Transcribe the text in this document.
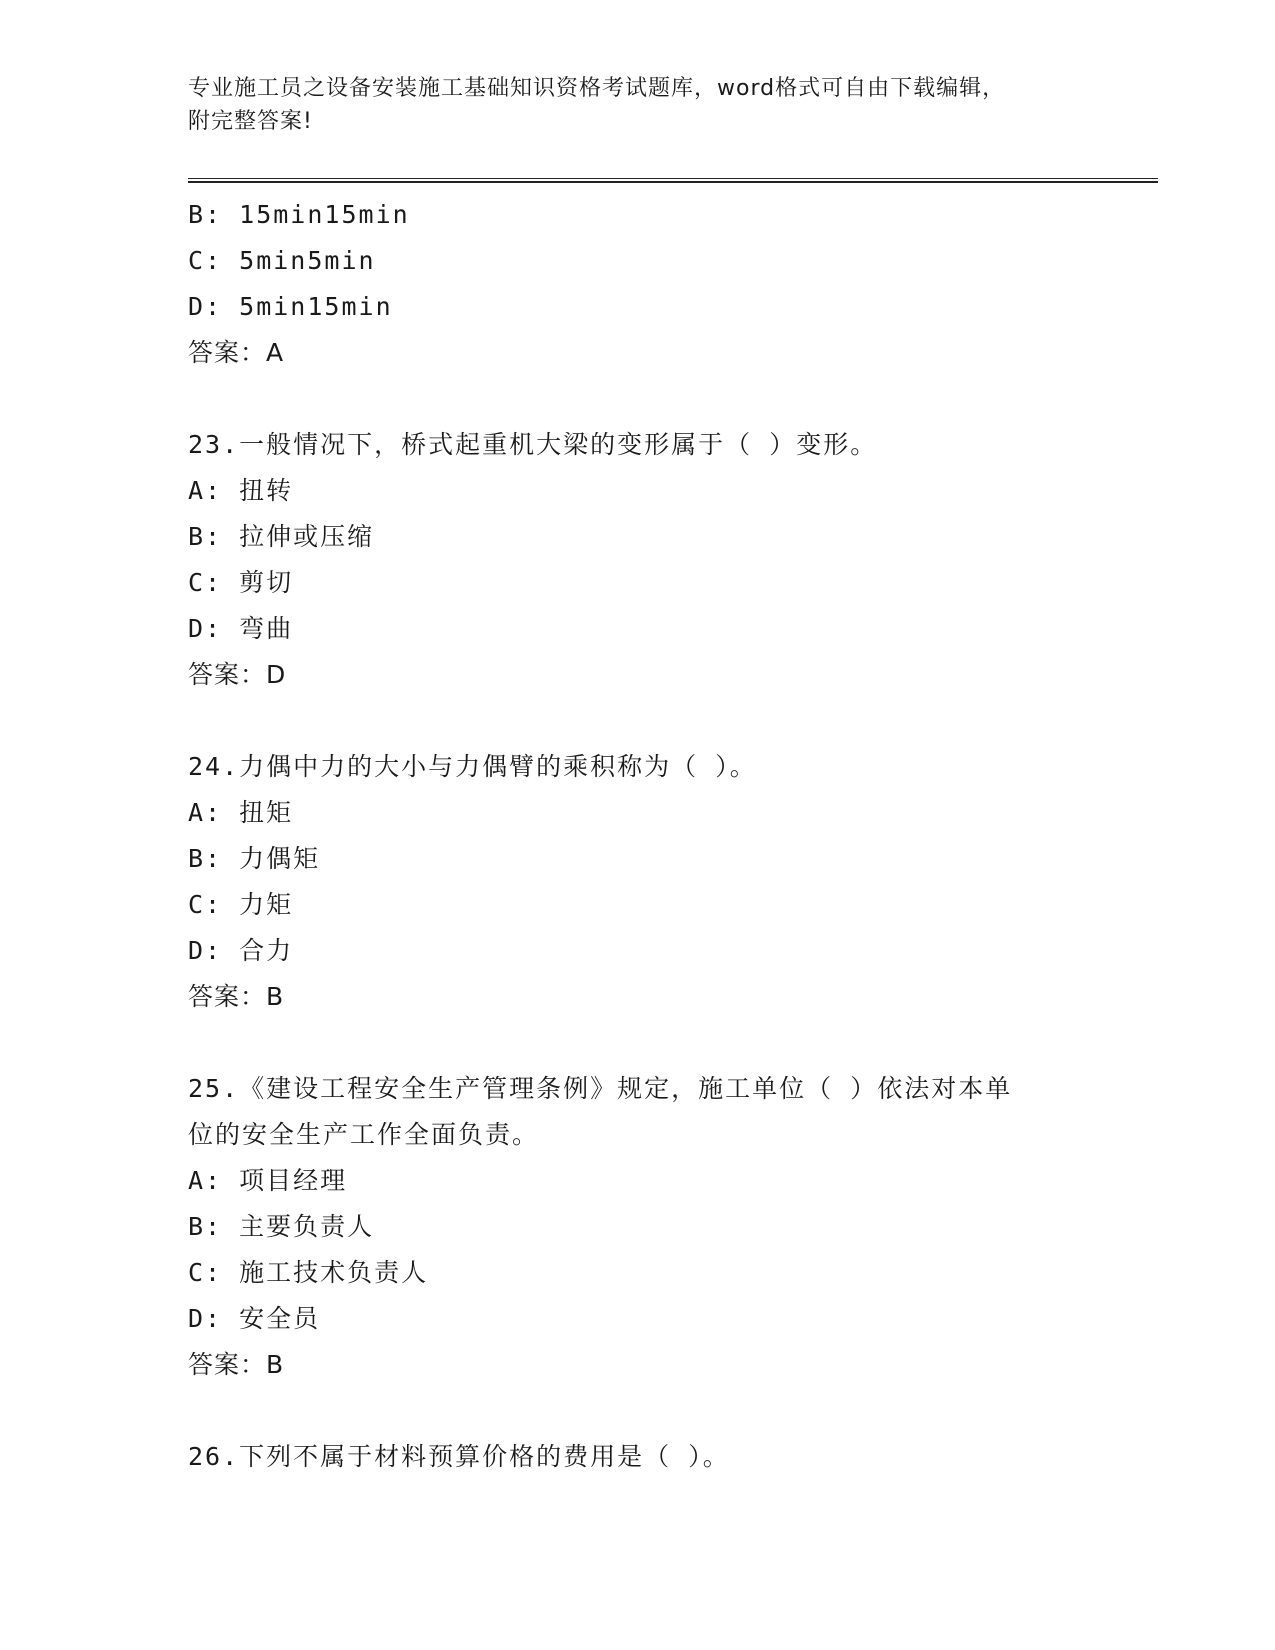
专业施工员之设备安装施工基础知识资格考试题库，word格式可自由下载编辑，
附完整答案!
B: 15min15min
C: 5min5min
D: 5min15min
答案：A
23.一般情况下，桥式起重机大梁的变形属于（ ）变形。
A: 扭转
B: 拉伸或压缩
C: 剪切
D: 弯曲
答案：D
24.力偶中力的大小与力偶臂的乘积称为（ ）。
A: 扭矩
B: 力偶矩
C: 力矩
D: 合力
答案：B
25.《建设工程安全生产管理条例》规定，施工单位（ ）依法对本单
位的安全生产工作全面负责。
A: 项目经理
B: 主要负责人
C: 施工技术负责人
D: 安全员
答案：B
26.下列不属于材料预算价格的费用是（ ）。
